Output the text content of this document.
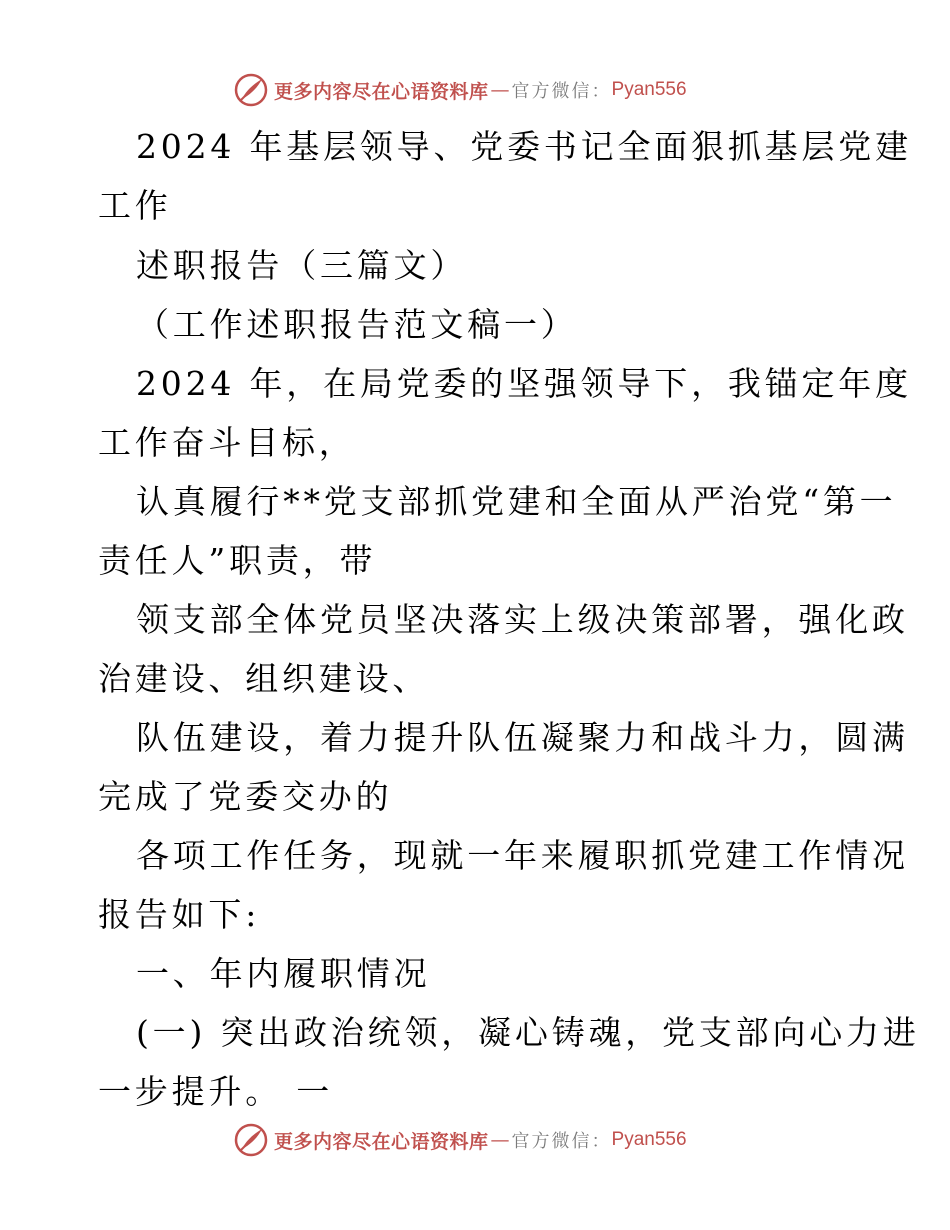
更多内容尽在心语资料库 — 官方微信： Pyan556
2024 年基层领导、党委书记全面狠抓基层党建
工作
述职报告（三篇文）
（工作述职报告范文稿一）
2024 年，在局党委的坚强领导下，我锚定年度
工作奋斗目标，
认真履行**党支部抓党建和全面从严治党“第一
责任人”职责，带
领支部全体党员坚决落实上级决策部署，强化政
治建设、组织建设、
队伍建设，着力提升队伍凝聚力和战斗力，圆满
完成了党委交办的
各项工作任务，现就一年来履职抓党建工作情况
报告如下:
一、年内履职情况
(一) 突出政治统领，凝心铸魂，党支部向心力进
一步提升。 一
更多内容尽在心语资料库 — 官方微信： Pyan556
